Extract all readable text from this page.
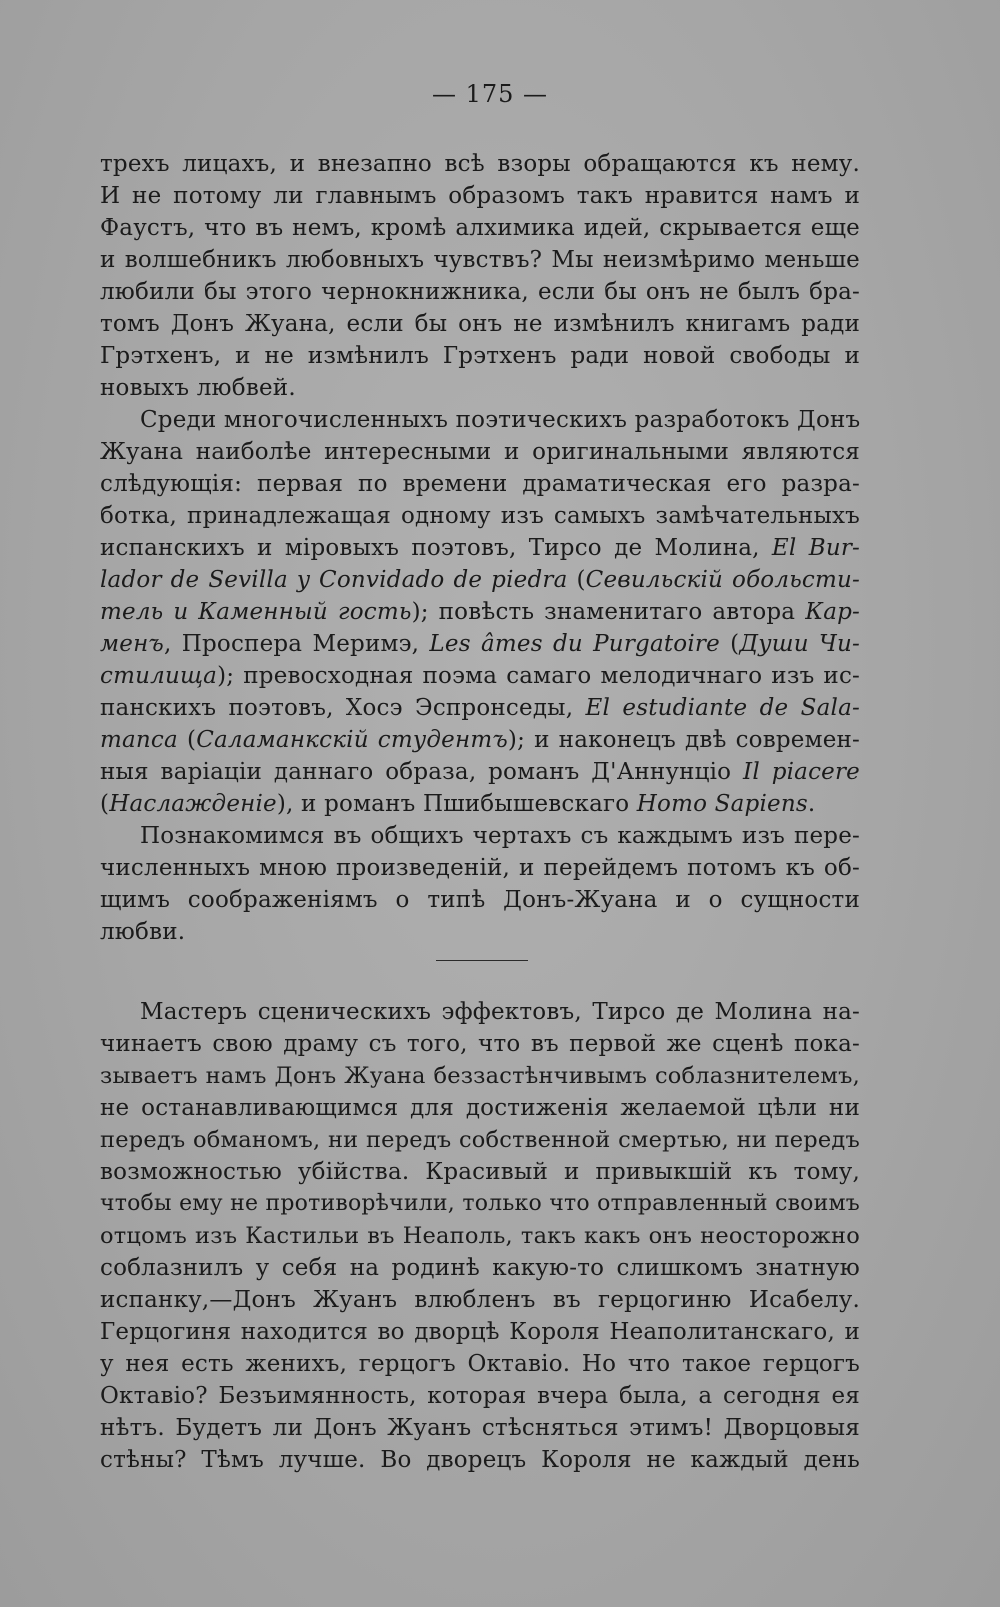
— 175 —
трехъ лицахъ, и внезапно всѣ взоры обращаются къ нему.
И не потому ли главнымъ образомъ такъ нравится намъ и
Фаустъ, что въ немъ, кромѣ алхимика идей, скрывается еще
и волшебникъ любовныхъ чувствъ? Мы неизмѣримо меньше
любили бы этого чернокнижника, если бы онъ не былъ бра-
томъ Донъ Жуана, если бы онъ не измѣнилъ книгамъ ради
Грэтхенъ, и не измѣнилъ Грэтхенъ ради новой свободы и
новыхъ любвей.
Среди многочисленныхъ поэтическихъ разработокъ Донъ
Жуана наиболѣе интересными и оригинальными являются
слѣдующія: первая по времени драматическая его разра-
ботка, принадлежащая одному изъ самыхъ замѣчательныхъ
испанскихъ и міровыхъ поэтовъ, Тирсо де Молина, El Bur-
lador de Sevilla y Convidado de piedra (Севильскій обольсти-
тель и Каменный гость); повѣсть знаменитаго автора Кар-
менъ, Проспера Меримэ, Les âmes du Purgatoire (Души Чи-
стилища); превосходная поэма самаго мелодичнаго изъ ис-
панскихъ поэтовъ, Хосэ Эспронседы, El estudiante de Sala-
manca (Саламанкскій студентъ); и наконецъ двѣ современ-
ныя варіаціи даннаго образа, романъ Д'Аннунціо Il piacere
(Наслажденіе), и романъ Пшибышевскаго Homo Sapiens.
Познакомимся въ общихъ чертахъ съ каждымъ изъ пере-
численныхъ мною произведеній, и перейдемъ потомъ къ об-
щимъ соображеніямъ о типѣ Донъ-Жуана и о сущности
любви.
Мастеръ сценическихъ эффектовъ, Тирсо де Молина на-
чинаетъ свою драму съ того, что въ первой же сценѣ пока-
зываетъ намъ Донъ Жуана беззастѣнчивымъ соблазнителемъ,
не останавливающимся для достиженія желаемой цѣли ни
передъ обманомъ, ни передъ собственной смертью, ни передъ
возможностью убійства. Красивый и привыкшій къ тому,
чтобы ему не противорѣчили, только что отправленный своимъ
отцомъ изъ Кастильи въ Неаполь, такъ какъ онъ неосторожно
соблазнилъ у себя на родинѣ какую-то слишкомъ знатную
испанку,—Донъ Жуанъ влюбленъ въ герцогиню Исабелу.
Герцогиня находится во дворцѣ Короля Неаполитанскаго, и
у нея есть женихъ, герцогъ Октавіо. Но что такое герцогъ
Октавіо? Безъимянность, которая вчера была, а сегодня ея
нѣтъ. Будетъ ли Донъ Жуанъ стѣсняться этимъ! Дворцовыя
стѣны? Тѣмъ лучше. Во дворецъ Короля не каждый день
